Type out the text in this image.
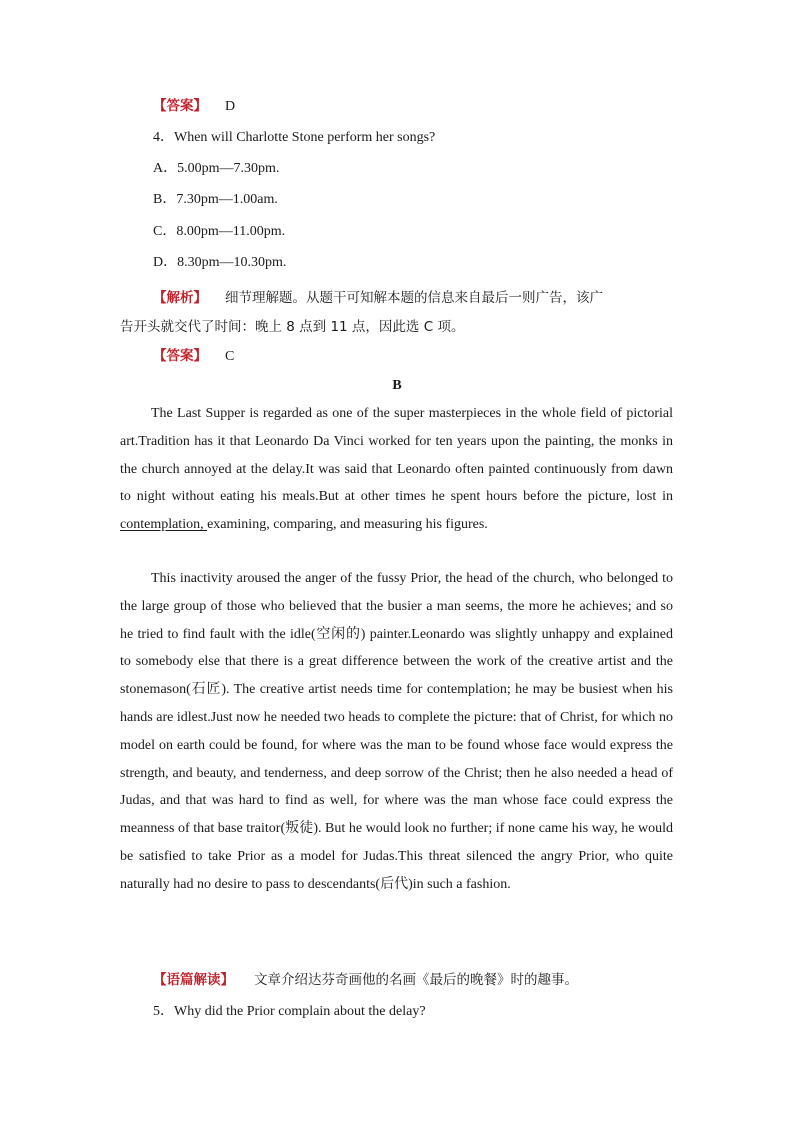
【答案】 D
4．When will Charlotte Stone perform her songs?
A．5.00pm—7.30pm.
B．7.30pm—1.00am.
C．8.00pm—11.00pm.
D．8.30pm—10.30pm.
【解析】 细节理解题。从题干可知解本题的信息来自最后一则广告，该广
告开头就交代了时间：晚上 8 点到 11 点，因此选 C 项。
【答案】 C
B
The Last Supper is regarded as one of the super masterpieces in the whole field of pictorial art.Tradition has it that Leonardo Da Vinci worked for ten years upon the painting, the monks in the church annoyed at the delay.It was said that Leonardo often painted continuously from dawn to night without eating his meals.But at other times he spent hours before the picture, lost in contemplation, examining, comparing, and measuring his figures.
This inactivity aroused the anger of the fussy Prior, the head of the church, who belonged to the large group of those who believed that the busier a man seems, the more he achieves; and so he tried to find fault with the idle(空闲的) painter.Leonardo was slightly unhappy and explained to somebody else that there is a great difference between the work of the creative artist and the stonemason(石匠). The creative artist needs time for contemplation; he may be busiest when his hands are idlest.Just now he needed two heads to complete the picture: that of Christ, for which no model on earth could be found, for where was the man to be found whose face would express the strength, and beauty, and tenderness, and deep sorrow of the Christ; then he also needed a head of Judas, and that was hard to find as well, for where was the man whose face could express the meanness of that base traitor(叛徒). But he would look no further; if none came his way, he would be satisfied to take Prior as a model for Judas.This threat silenced the angry Prior, who quite naturally had no desire to pass to descendants(后代)in such a fashion.
【语篇解读】 文章介绍达芬奇画他的名画《最后的晚餐》时的趣事。
5．Why did the Prior complain about the delay?
